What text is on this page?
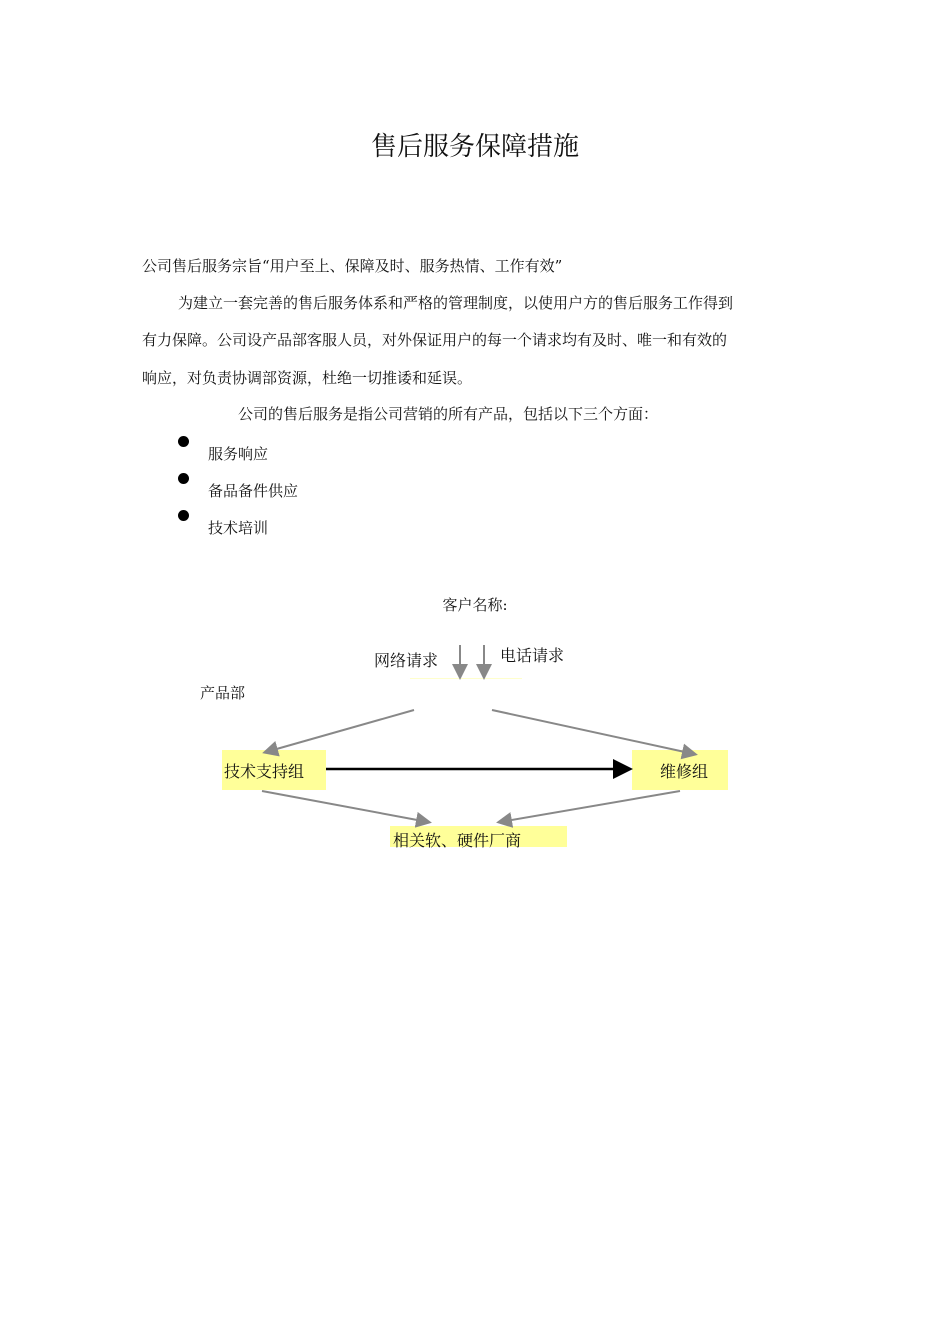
售后服务保障措施
公司售后服务宗旨“用户至上、保障及时、服务热情、工作有效”
为建立一套完善的售后服务体系和严格的管理制度，以使用户方的售后服务工作得到
有力保障。公司设产品部客服人员，对外保证用户的每一个请求均有及时、唯一和有效的
响应，对负责协调部资源，杜绝一切推诿和延误。
公司的售后服务是指公司营销的所有产品，包括以下三个方面：
服务响应
备品备件供应
技术培训
客户名称:
网络请求	电话请求
产品部
技术支持组	维修组
相关软、硬件厂商
